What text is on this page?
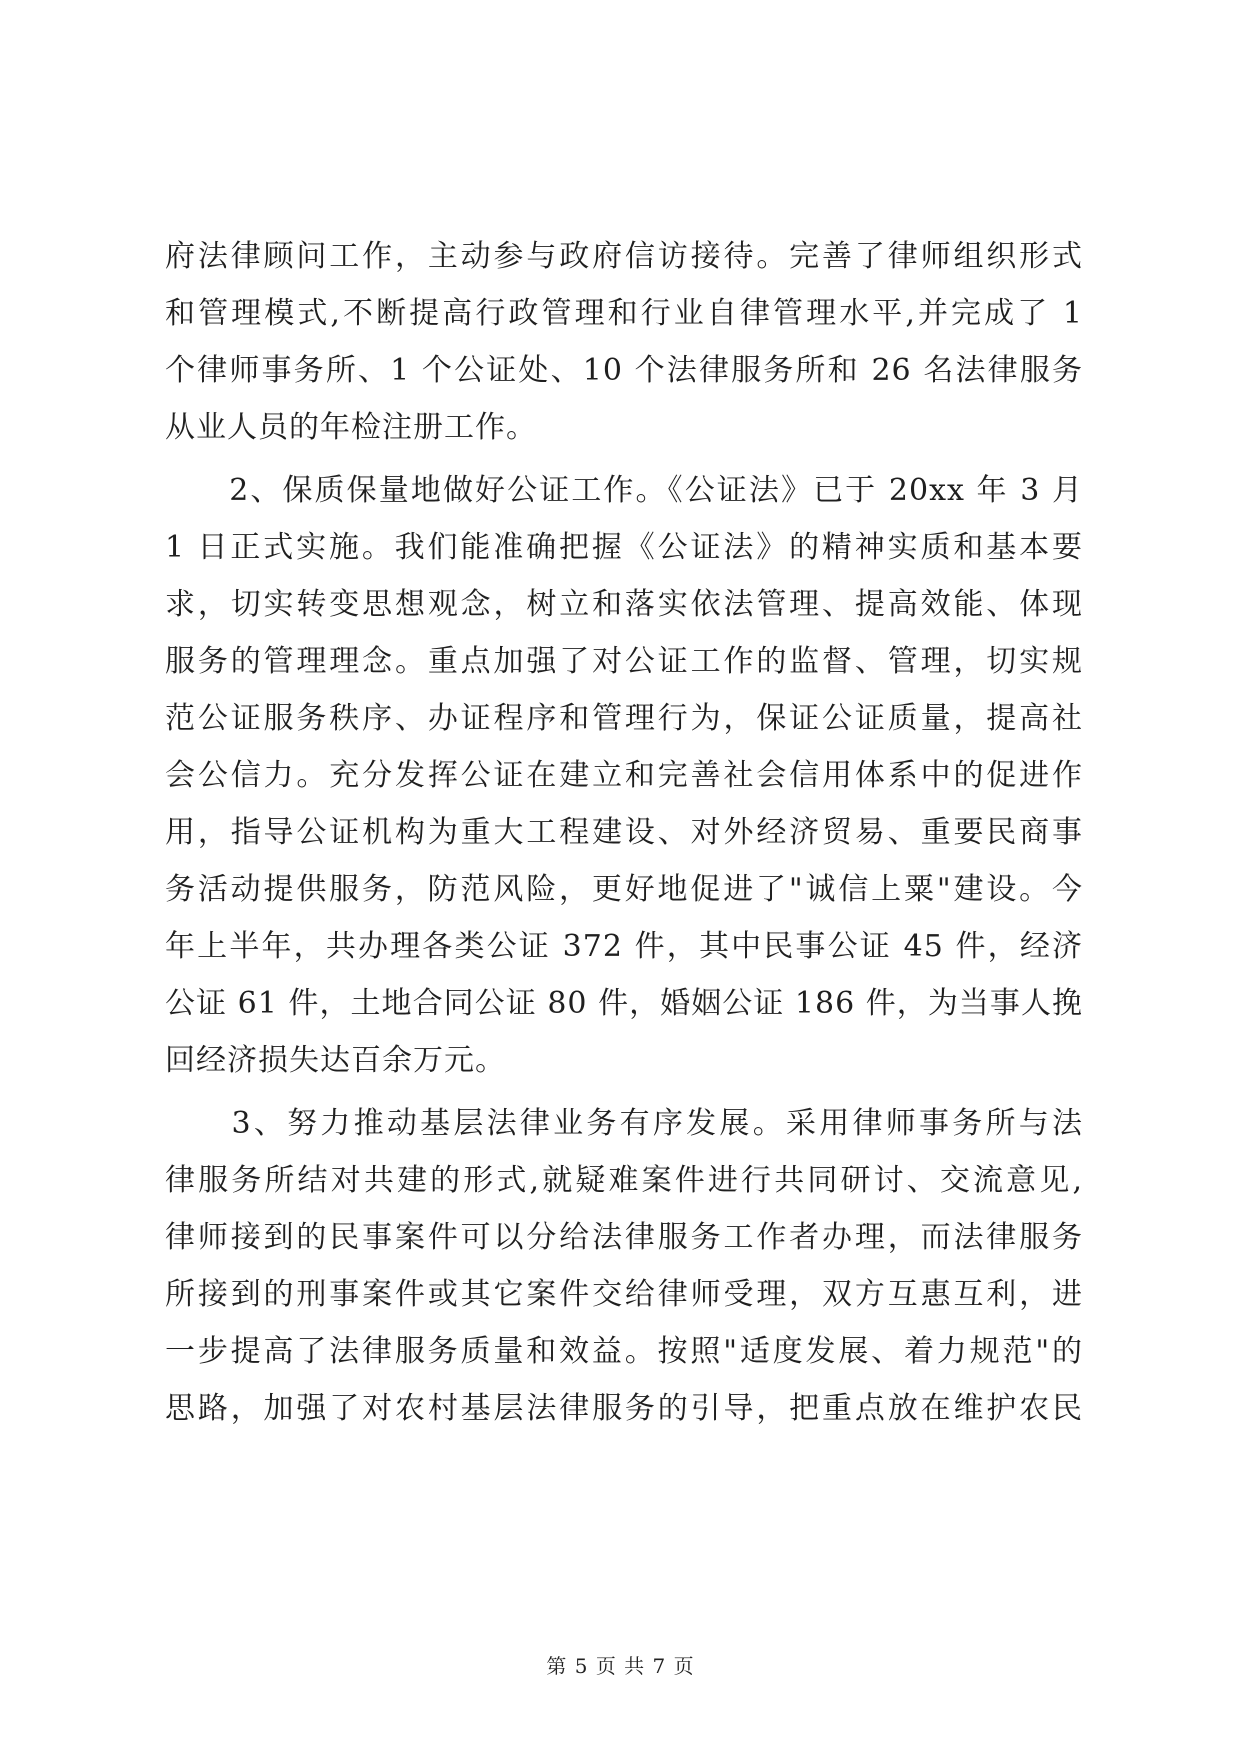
府法律顾问工作，主动参与政府信访接待。完善了律师组织形式
和管理模式,不断提高行政管理和行业自律管理水平,并完成了 1
个律师事务所、1 个公证处、10 个法律服务所和 26 名法律服务
从业人员的年检注册工作。
　　2、保质保量地做好公证工作。《公证法》已于 20xx 年 3 月
1 日正式实施。我们能准确把握《公证法》的精神实质和基本要
求，切实转变思想观念，树立和落实依法管理、提高效能、体现
服务的管理理念。重点加强了对公证工作的监督、管理，切实规
范公证服务秩序、办证程序和管理行为，保证公证质量，提高社
会公信力。充分发挥公证在建立和完善社会信用体系中的促进作
用，指导公证机构为重大工程建设、对外经济贸易、重要民商事
务活动提供服务，防范风险，更好地促进了"诚信上粟"建设。今
年上半年，共办理各类公证 372 件，其中民事公证 45 件，经济
公证 61 件，土地合同公证 80 件，婚姻公证 186 件，为当事人挽
回经济损失达百余万元。
　　3、努力推动基层法律业务有序发展。采用律师事务所与法
律服务所结对共建的形式,就疑难案件进行共同研讨、交流意见,
律师接到的民事案件可以分给法律服务工作者办理，而法律服务
所接到的刑事案件或其它案件交给律师受理，双方互惠互利，进
一步提高了法律服务质量和效益。按照"适度发展、着力规范"的
思路，加强了对农村基层法律服务的引导，把重点放在维护农民
第 5 页 共 7 页
